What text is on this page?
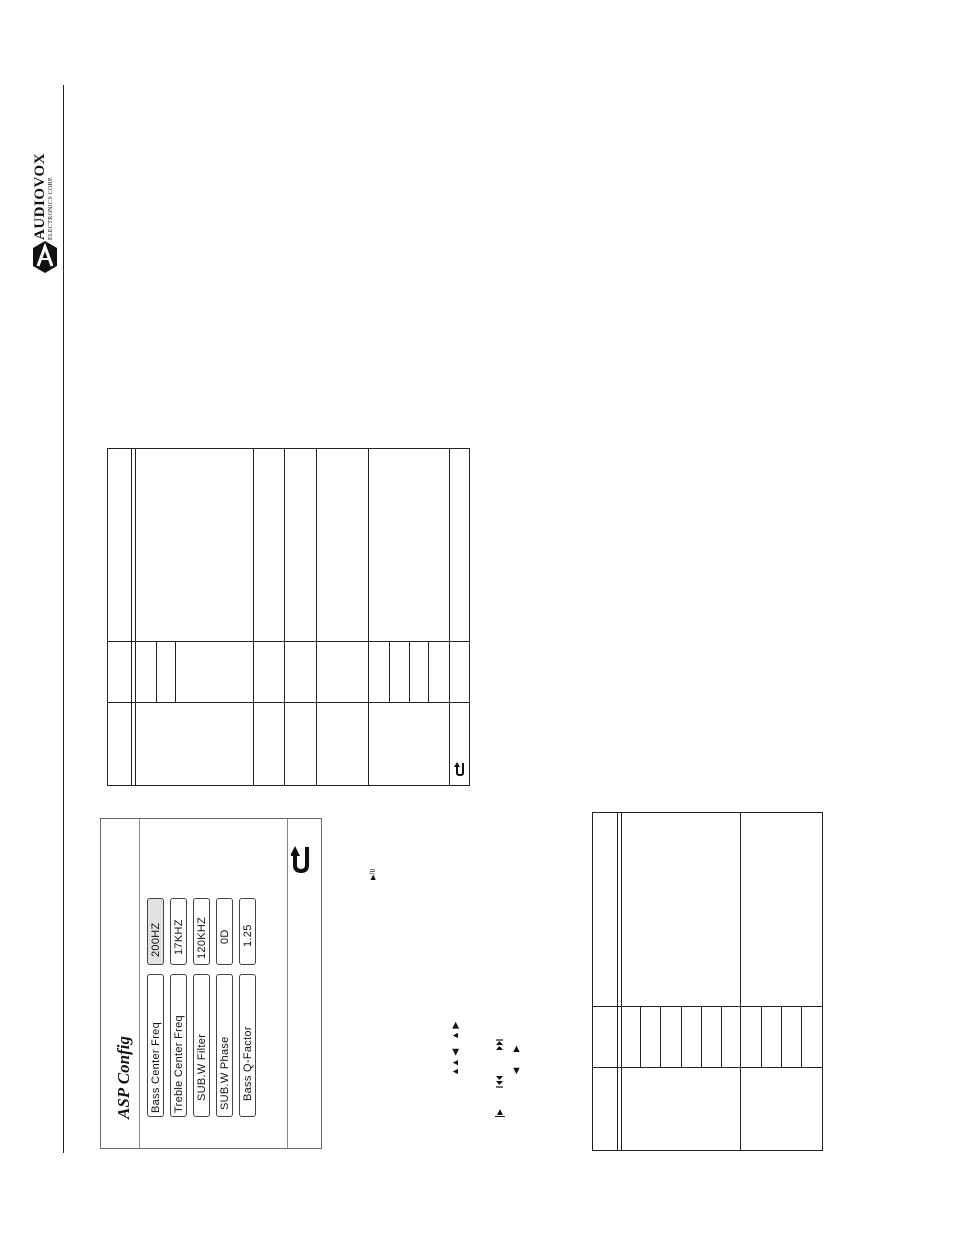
AUDIOVOX ELECTRONICS CORP.
ASP Config Bass Center Freq
200HZ
Treble Center Freq
17KHZ
SUB.W Filter
120KHZ
SUB.W Phase
0D
Bass Q-Factor
1.25
▶/II
▲ ▶
▲▲ ◀	▲
▼
▲
